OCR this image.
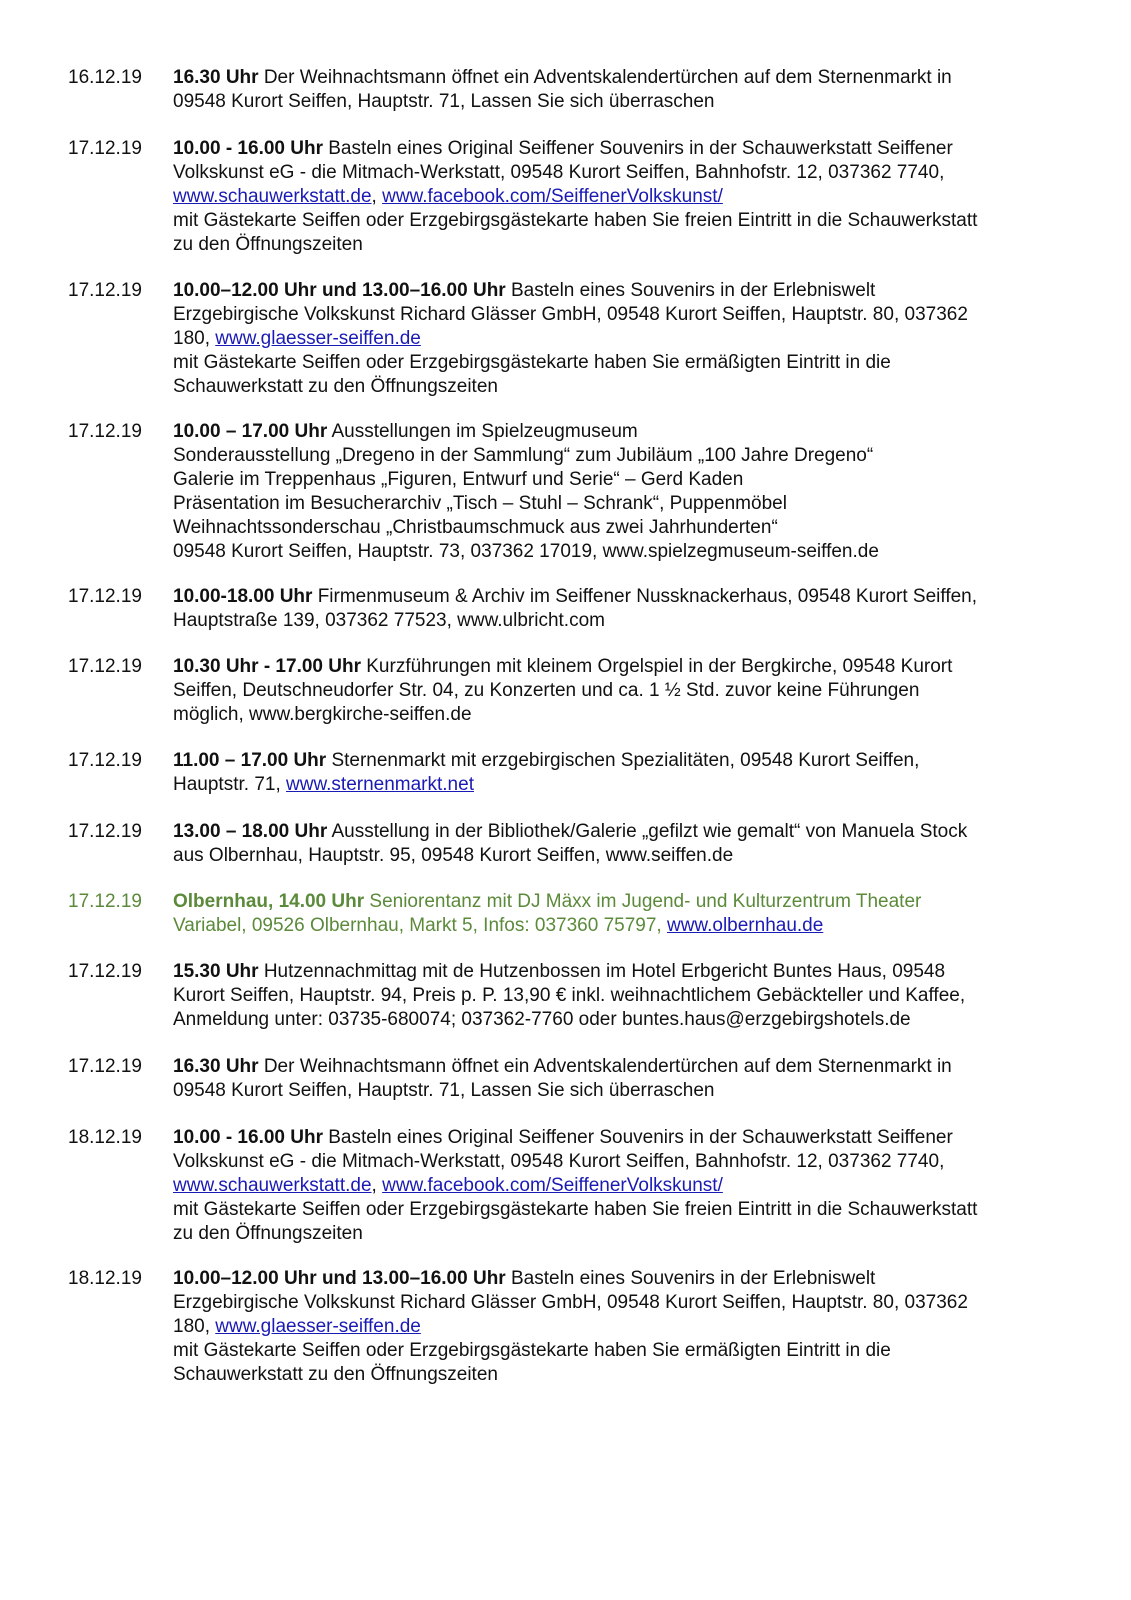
16.12.19	16.30 Uhr Der Weihnachtsmann öffnet ein Adventskalendertürchen auf dem Sternenmarkt in
09548 Kurort Seiffen, Hauptstr. 71, Lassen Sie sich überraschen
17.12.19	10.00 - 16.00 Uhr Basteln eines Original Seiffener Souvenirs in der Schauwerkstatt Seiffener
Volkskunst eG - die Mitmach-Werkstatt, 09548 Kurort Seiffen, Bahnhofstr. 12, 037362 7740,
www.schauwerkstatt.de, www.facebook.com/SeiffenerVolkskunst/
mit Gästekarte Seiffen oder Erzgebirgsgästekarte haben Sie freien Eintritt in die Schauwerkstatt
zu den Öffnungszeiten
17.12.19	10.00–12.00 Uhr und 13.00–16.00 Uhr Basteln eines Souvenirs in der Erlebniswelt
Erzgebirgische Volkskunst Richard Glässer GmbH, 09548 Kurort Seiffen, Hauptstr. 80, 037362
180, www.glaesser-seiffen.de
mit Gästekarte Seiffen oder Erzgebirgsgästekarte haben Sie ermäßigten Eintritt in die
Schauwerkstatt zu den Öffnungszeiten
17.12.19	10.00 – 17.00 Uhr Ausstellungen im Spielzeugmuseum
Sonderausstellung „Dregeno in der Sammlung“ zum Jubiläum „100 Jahre Dregeno“
Galerie im Treppenhaus „Figuren, Entwurf und Serie“ – Gerd Kaden
Präsentation im Besucherarchiv „Tisch – Stuhl – Schrank“, Puppenmöbel
Weihnachtssonderschau „Christbaumschmuck aus zwei Jahrhunderten“
09548 Kurort Seiffen, Hauptstr. 73, 037362 17019, www.spielzegmuseum-seiffen.de
17.12.19	10.00-18.00 Uhr Firmenmuseum & Archiv im Seiffener Nussknackerhaus, 09548 Kurort Seiffen,
Hauptstraße 139, 037362 77523, www.ulbricht.com
17.12.19	10.30 Uhr - 17.00 Uhr Kurzführungen mit kleinem Orgelspiel in der Bergkirche, 09548 Kurort
Seiffen, Deutschneudorfer Str. 04, zu Konzerten und ca. 1 ½ Std. zuvor keine Führungen
möglich, www.bergkirche-seiffen.de
17.12.19	11.00 – 17.00 Uhr Sternenmarkt mit erzgebirgischen Spezialitäten, 09548 Kurort Seiffen,
Hauptstr. 71, www.sternenmarkt.net
17.12.19	13.00 – 18.00 Uhr Ausstellung in der Bibliothek/Galerie „gefilzt wie gemalt“ von Manuela Stock
aus Olbernhau, Hauptstr. 95, 09548 Kurort Seiffen, www.seiffen.de
17.12.19	Olbernhau, 14.00 Uhr Seniorentanz mit DJ Mäxx im Jugend- und Kulturzentrum Theater
Variabel, 09526 Olbernhau, Markt 5, Infos: 037360 75797, www.olbernhau.de
17.12.19	15.30 Uhr Hutzennachmittag mit de Hutzenbossen im Hotel Erbgericht Buntes Haus, 09548
Kurort Seiffen, Hauptstr. 94, Preis p. P. 13,90 € inkl. weihnachtlichem Gebäckteller und Kaffee,
Anmeldung unter: 03735-680074; 037362-7760 oder buntes.haus@erzgebirgshotels.de
17.12.19	16.30 Uhr Der Weihnachtsmann öffnet ein Adventskalendertürchen auf dem Sternenmarkt in
09548 Kurort Seiffen, Hauptstr. 71, Lassen Sie sich überraschen
18.12.19	10.00 - 16.00 Uhr Basteln eines Original Seiffener Souvenirs in der Schauwerkstatt Seiffener
Volkskunst eG - die Mitmach-Werkstatt, 09548 Kurort Seiffen, Bahnhofstr. 12, 037362 7740,
www.schauwerkstatt.de, www.facebook.com/SeiffenerVolkskunst/
mit Gästekarte Seiffen oder Erzgebirgsgästekarte haben Sie freien Eintritt in die Schauwerkstatt
zu den Öffnungszeiten
18.12.19	10.00–12.00 Uhr und 13.00–16.00 Uhr Basteln eines Souvenirs in der Erlebniswelt
Erzgebirgische Volkskunst Richard Glässer GmbH, 09548 Kurort Seiffen, Hauptstr. 80, 037362
180, www.glaesser-seiffen.de
mit Gästekarte Seiffen oder Erzgebirgsgästekarte haben Sie ermäßigten Eintritt in die
Schauwerkstatt zu den Öffnungszeiten
